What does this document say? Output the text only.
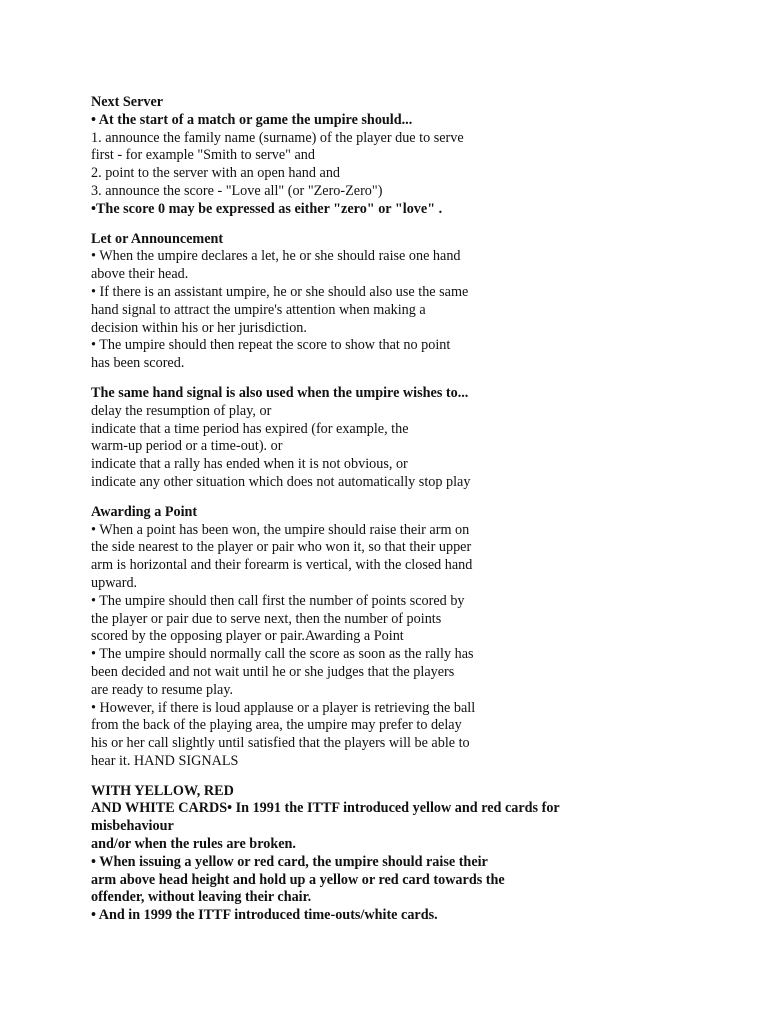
Next Server
• At the start of a match or game the umpire should...
1. announce the family name (surname) of the player due to serve
first - for example "Smith to serve" and
2. point to the server with an open hand and
3. announce the score - "Love all" (or "Zero-Zero")
•The score 0 may be expressed as either "zero" or "love" .
Let or Announcement
• When the umpire declares a let, he or she should raise one hand
above their head.
• If there is an assistant umpire, he or she should also use the same
hand signal to attract the umpire's attention when making a
decision within his or her jurisdiction.
• The umpire should then repeat the score to show that no point
has been scored.
The same hand signal is also used when the umpire wishes to...
delay the resumption of play, or
indicate that a time period has expired (for example, the
warm-up period or a time-out). or
indicate that a rally has ended when it is not obvious, or
indicate any other situation which does not automatically stop play
Awarding a Point
• When a point has been won, the umpire should raise their arm on
the side nearest to the player or pair who won it, so that their upper
arm is horizontal and their forearm is vertical, with the closed hand
upward.
• The umpire should then call first the number of points scored by
the player or pair due to serve next, then the number of points
scored by the opposing player or pair.Awarding a Point
• The umpire should normally call the score as soon as the rally has
been decided and not wait until he or she judges that the players
are ready to resume play.
• However, if there is loud applause or a player is retrieving the ball
from the back of the playing area, the umpire may prefer to delay
his or her call slightly until satisfied that the players will be able to
hear it. HAND SIGNALS
WITH YELLOW, RED
AND WHITE CARDS• In 1991 the ITTF introduced yellow and red cards for
misbehaviour
and/or when the rules are broken.
• When issuing a yellow or red card, the umpire should raise their
arm above head height and hold up a yellow or red card towards the
offender, without leaving their chair.
• And in 1999 the ITTF introduced time-outs/white cards.
